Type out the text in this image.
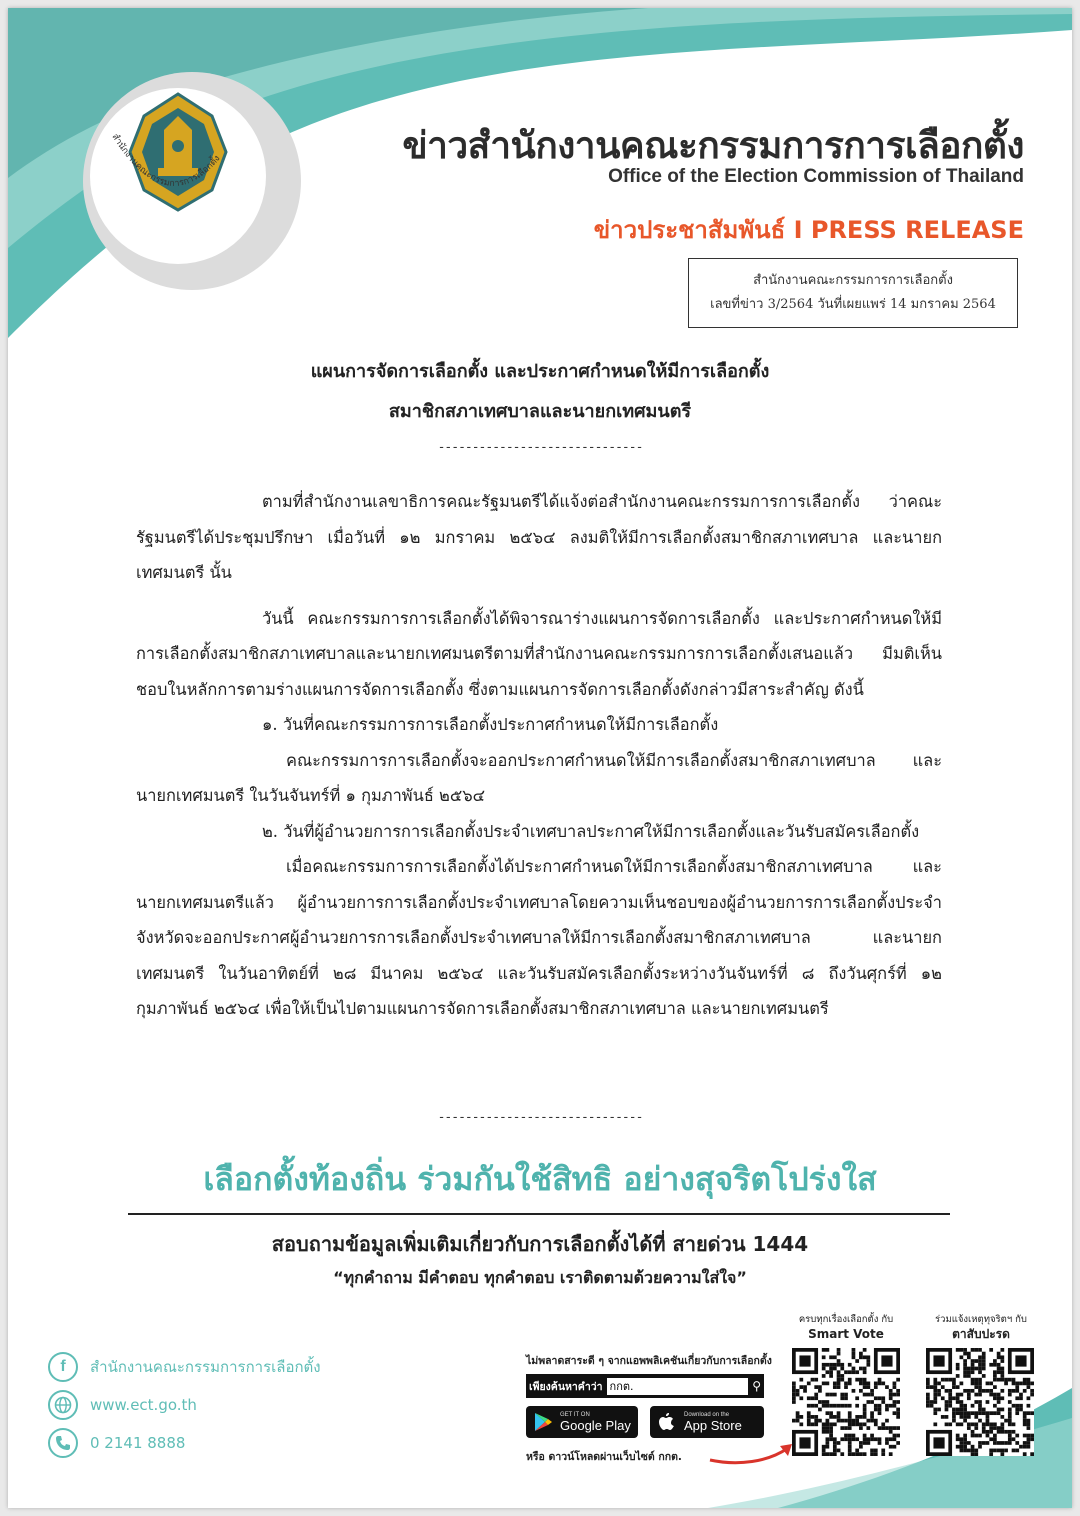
สำนักงานคณะกรรมการการเลือกตั้ง	ข่าวสำนักงานคณะกรรมการการเลือกตั้ง
Office of the Election Commission of Thailand
ข่าวประชาสัมพันธ์ I PRESS RELEASE
สำนักงานคณะกรรมการการเลือกตั้ง
เลขที่ข่าว 3/2564 วันที่เผยแพร่ 14 มกราคม 2564
แผนการจัดการเลือกตั้ง และประกาศกำหนดให้มีการเลือกตั้ง
สมาชิกสภาเทศบาลและนายกเทศมนตรี
------------------------------

ตามที่สำนักงานเลขาธิการคณะรัฐมนตรีได้แจ้งต่อสำนักงานคณะกรรมการการเลือกตั้ง ว่าคณะรัฐมนตรีได้ประชุมปรึกษา เมื่อวันที่ ๑๒ มกราคม ๒๕๖๔ ลงมติให้มีการเลือกตั้งสมาชิกสภาเทศบาล และนายกเทศมนตรี นั้น

วันนี้ คณะกรรมการการเลือกตั้งได้พิจารณาร่างแผนการจัดการเลือกตั้ง และประกาศกำหนดให้มีการเลือกตั้งสมาชิกสภาเทศบาลและนายกเทศมนตรีตามที่สำนักงานคณะกรรมการการเลือกตั้งเสนอแล้ว มีมติเห็นชอบในหลักการตามร่างแผนการจัดการเลือกตั้ง ซึ่งตามแผนการจัดการเลือกตั้งดังกล่าวมีสาระสำคัญ ดังนี้

๑. วันที่คณะกรรมการการเลือกตั้งประกาศกำหนดให้มีการเลือกตั้ง

คณะกรรมการการเลือกตั้งจะออกประกาศกำหนดให้มีการเลือกตั้งสมาชิกสภาเทศบาล และนายกเทศมนตรี ในวันจันทร์ที่ ๑ กุมภาพันธ์ ๒๕๖๔

๒. วันที่ผู้อำนวยการการเลือกตั้งประจำเทศบาลประกาศให้มีการเลือกตั้งและวันรับสมัครเลือกตั้ง

เมื่อคณะกรรมการการเลือกตั้งได้ประกาศกำหนดให้มีการเลือกตั้งสมาชิกสภาเทศบาล และนายกเทศมนตรีแล้ว ผู้อำนวยการการเลือกตั้งประจำเทศบาลโดยความเห็นชอบของผู้อำนวยการการเลือกตั้งประจำจังหวัดจะออกประกาศผู้อำนวยการการเลือกตั้งประจำเทศบาลให้มีการเลือกตั้งสมาชิกสภาเทศบาล และนายกเทศมนตรี ในวันอาทิตย์ที่ ๒๘ มีนาคม ๒๕๖๔ และวันรับสมัครเลือกตั้งระหว่างวันจันทร์ที่ ๘ ถึงวันศุกร์ที่ ๑๒ กุมภาพันธ์ ๒๕๖๔ เพื่อให้เป็นไปตามแผนการจัดการเลือกตั้งสมาชิกสภาเทศบาล และนายกเทศมนตรี

------------------------------
เลือกตั้งท้องถิ่น ร่วมกันใช้สิทธิ อย่างสุจริตโปร่งใส
สอบถามข้อมูลเพิ่มเติมเกี่ยวกับการเลือกตั้งได้ที่ สายด่วน 1444
“ทุกคำถาม มีคำตอบ ทุกคำตอบ เราติดตามด้วยความใส่ใจ”
f	สำนักงานคณะกรรมการการเลือกตั้ง
www.ect.go.th
0 2141 8888
ไม่พลาดสาระดี ๆ จากแอพพลิเคชันเกี่ยวกับการเลือกตั้ง
เพียงค้นหาคำว่า กกต.	⚲
GET IT ON
Google Play
Download on the
App Store
หรือ ดาวน์โหลดผ่านเว็บไซต์ กกต.
ครบทุกเรื่องเลือกตั้ง กับ
Smart Vote
ร่วมแจ้งเหตุทุจริตฯ กับ
ตาสับปะรด
